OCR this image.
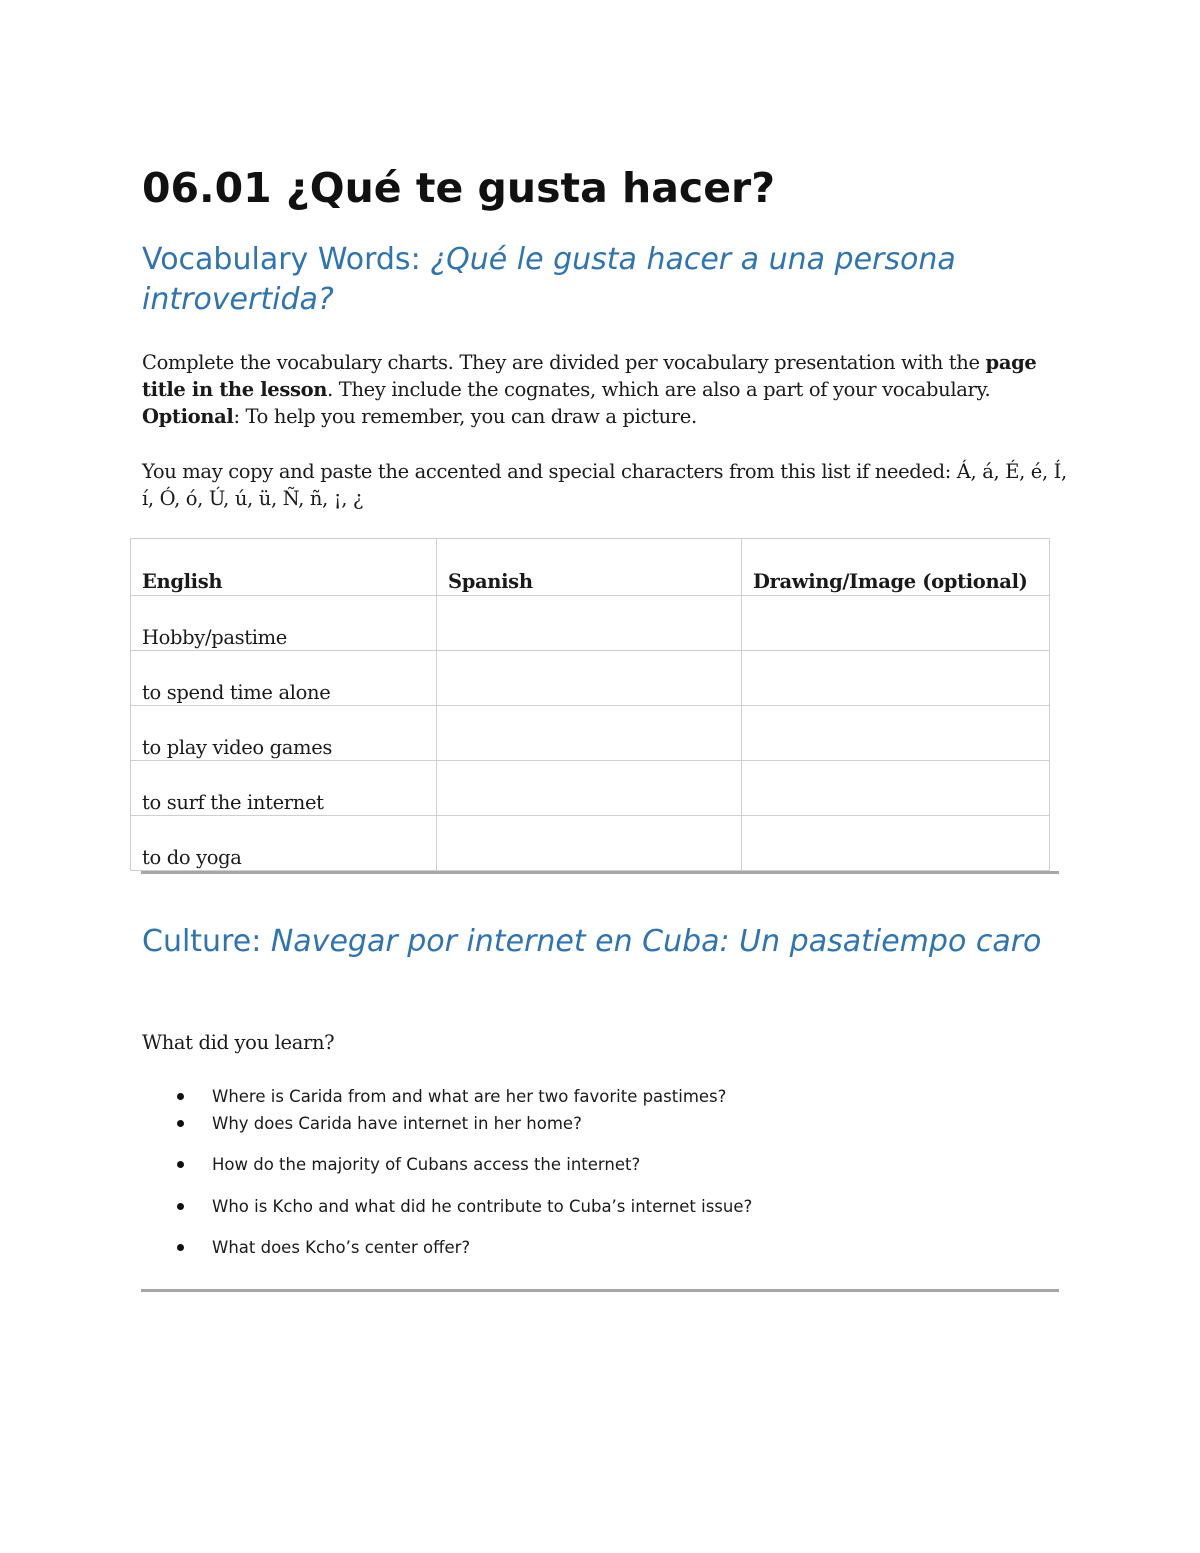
06.01 ¿Qué te gusta hacer?
Vocabulary Words: ¿Qué le gusta hacer a una persona introvertida?

Complete the vocabulary charts. They are divided per vocabulary presentation with the page title in the lesson. They include the cognates, which are also a part of your vocabulary. Optional: To help you remember, you can draw a picture.

You may copy and paste the accented and special characters from this list if needed: Á, á, É, é, Í, í, Ó, ó, Ú, ú, ü, Ñ, ñ, ¡, ¿

English	Spanish	Drawing/Image (optional)
Hobby/pastime		
to spend time alone		
to play video games		
to surf the internet		
to do yoga		
Culture: Navegar por internet en Cuba: Un pasatiempo caro

What did you learn?

Where is Carida from and what are her two favorite pastimes?
Why does Carida have internet in her home?
How do the majority of Cubans access the internet?
Who is Kcho and what did he contribute to Cuba’s internet issue?
What does Kcho’s center offer?
